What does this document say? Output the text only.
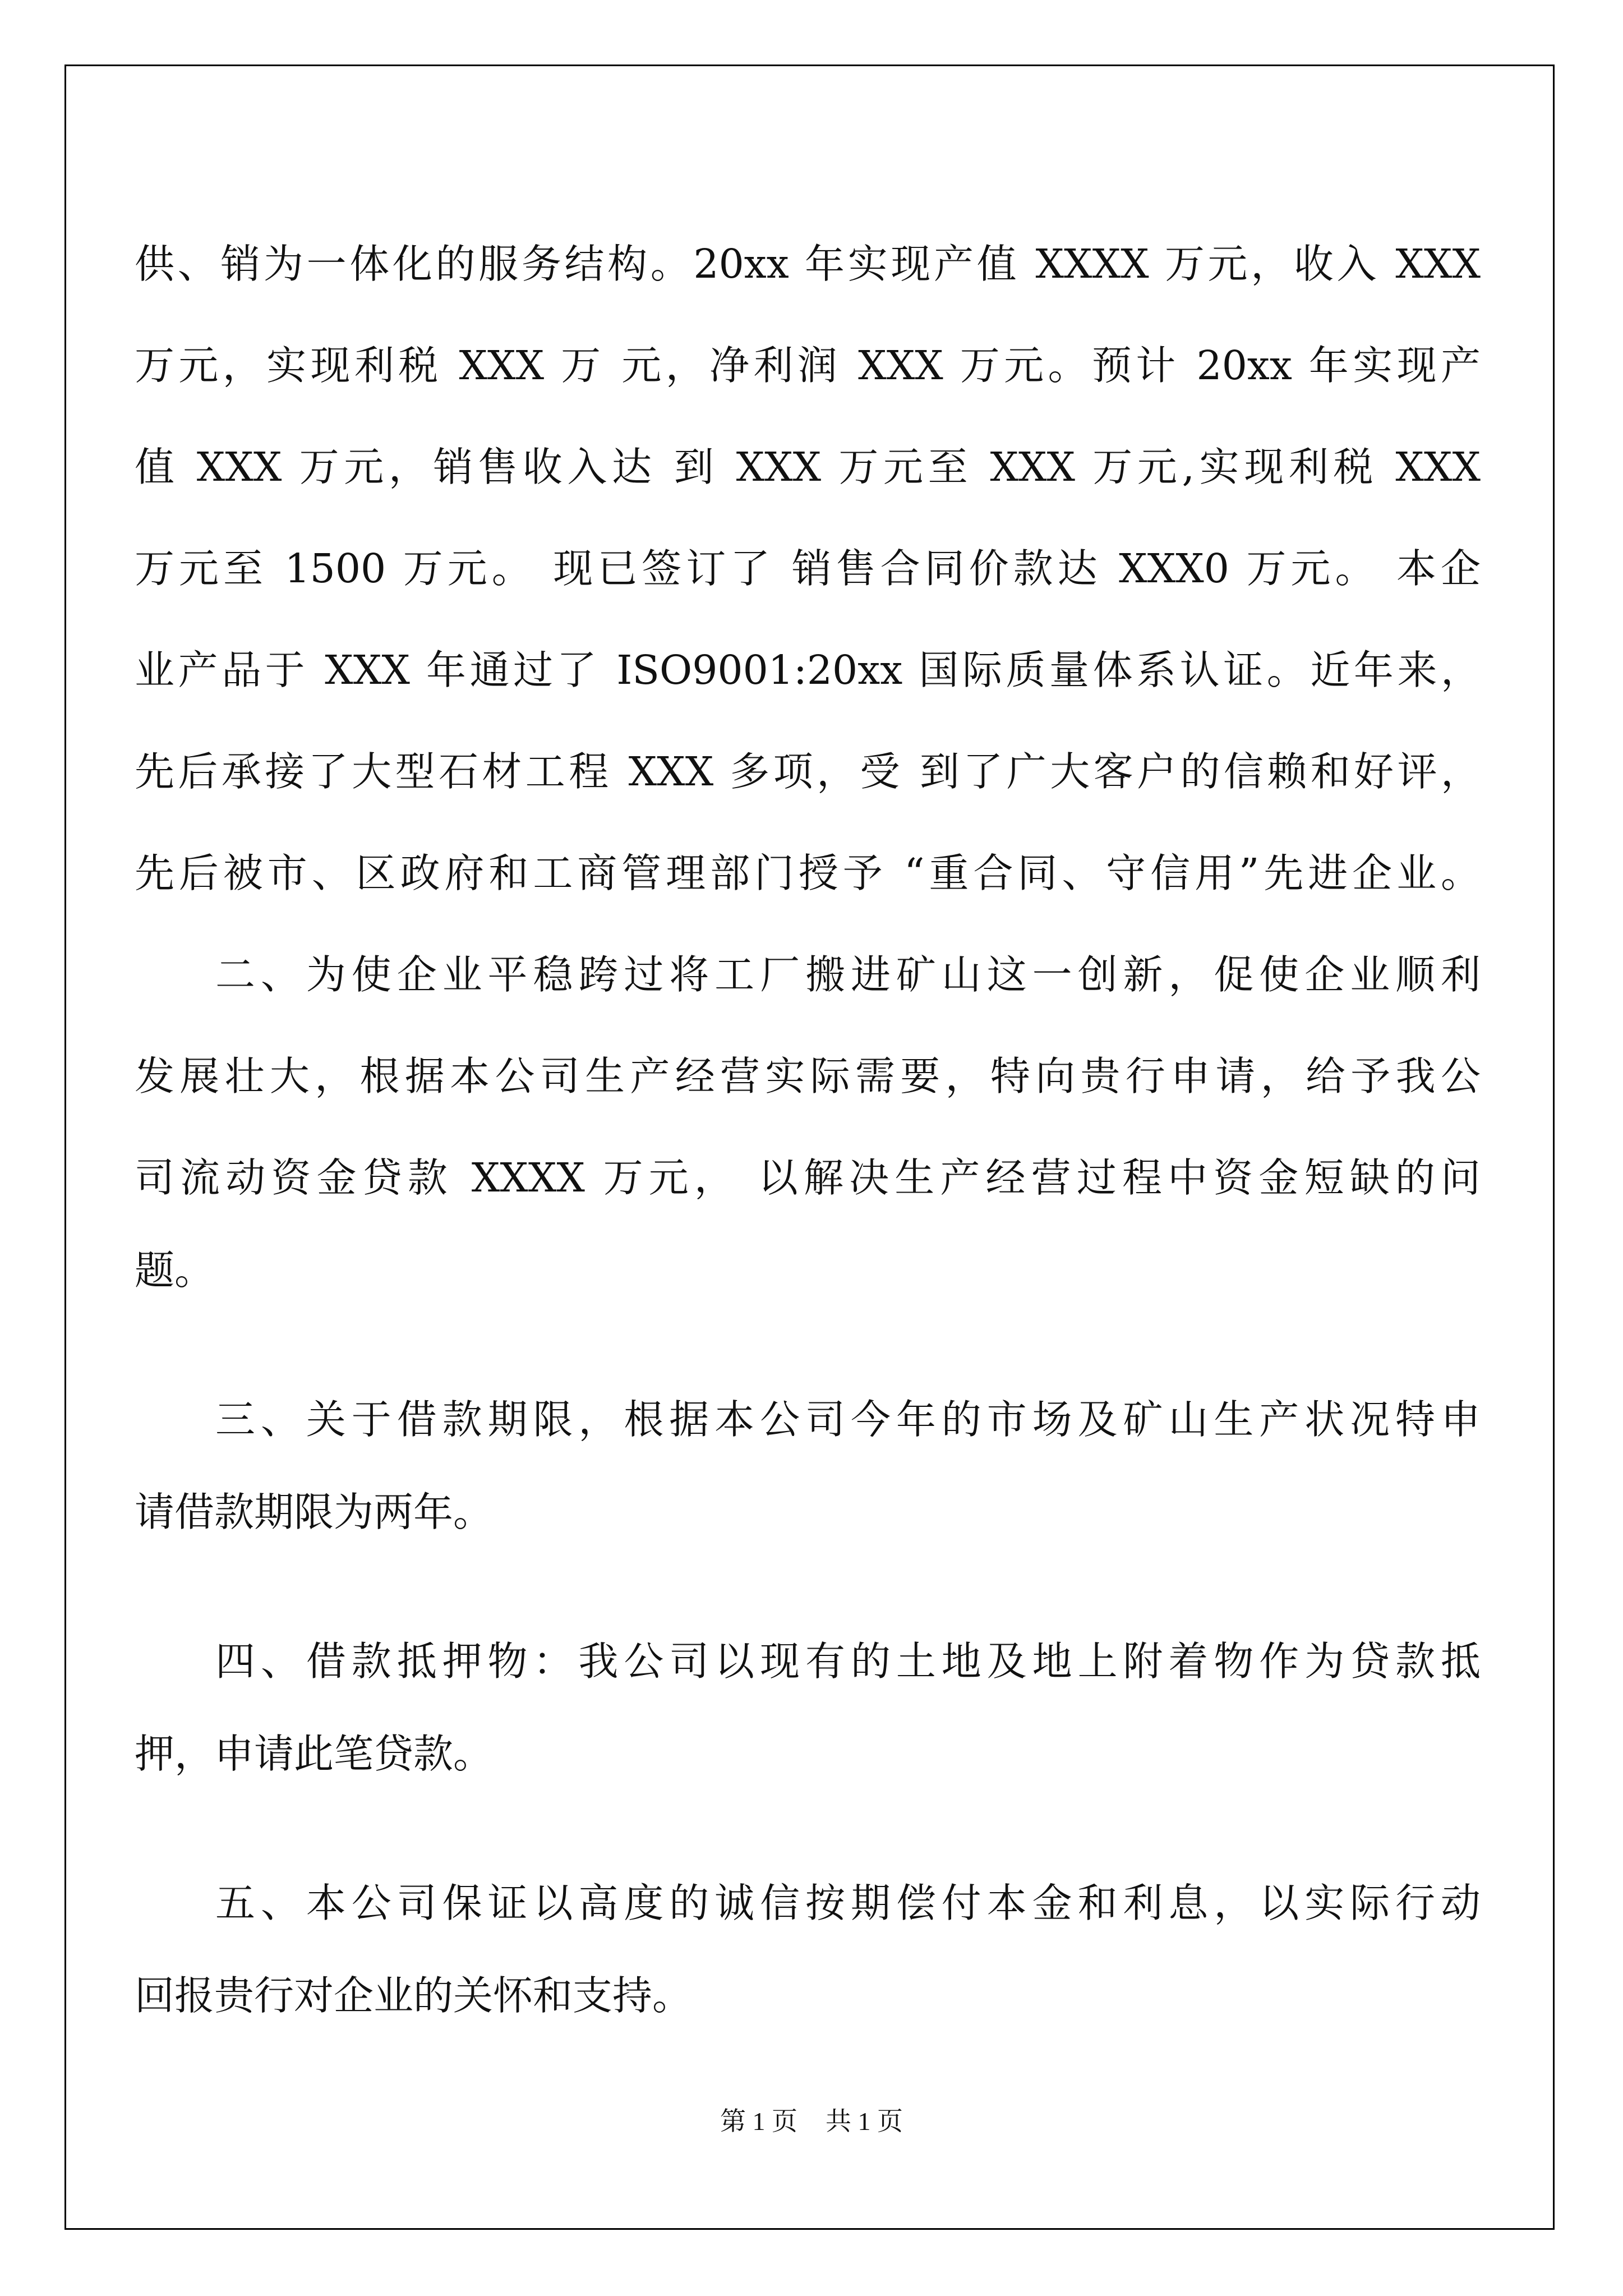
供、销为一体化的服务结构。20xx 年实现产值 XXXX 万元，收入 XXX
万元，实现利税 XXX 万 元，净利润 XXX 万元。预计 20xx 年实现产
值 XXX 万元，销售收入达 到 XXX 万元至 XXX 万元,实现利税 XXX
万元至 1500 万元。 现已签订了 销售合同价款达 XXX0 万元。 本企
业产品于 XXX 年通过了 ISO9001:20xx 国际质量体系认证。近年来，
先后承接了大型石材工程 XXX 多项，受 到了广大客户的信赖和好评，
先后被市、区政府和工商管理部门授予 “重合同、守信用”先进企业。
二、为使企业平稳跨过将工厂搬进矿山这一创新，促使企业顺利
发展壮大，根据本公司生产经营实际需要，特向贵行申请，给予我公
司流动资金贷款 XXXX 万元， 以解决生产经营过程中资金短缺的问
题。
三、关于借款期限，根据本公司今年的市场及矿山生产状况特申
请借款期限为两年。
四、借款抵押物：我公司以现有的土地及地上附着物作为贷款抵
押，申请此笔贷款。
五、本公司保证以高度的诚信按期偿付本金和利息，以实际行动
回报贵行对企业的关怀和支持。
第 1 页 共 1 页
